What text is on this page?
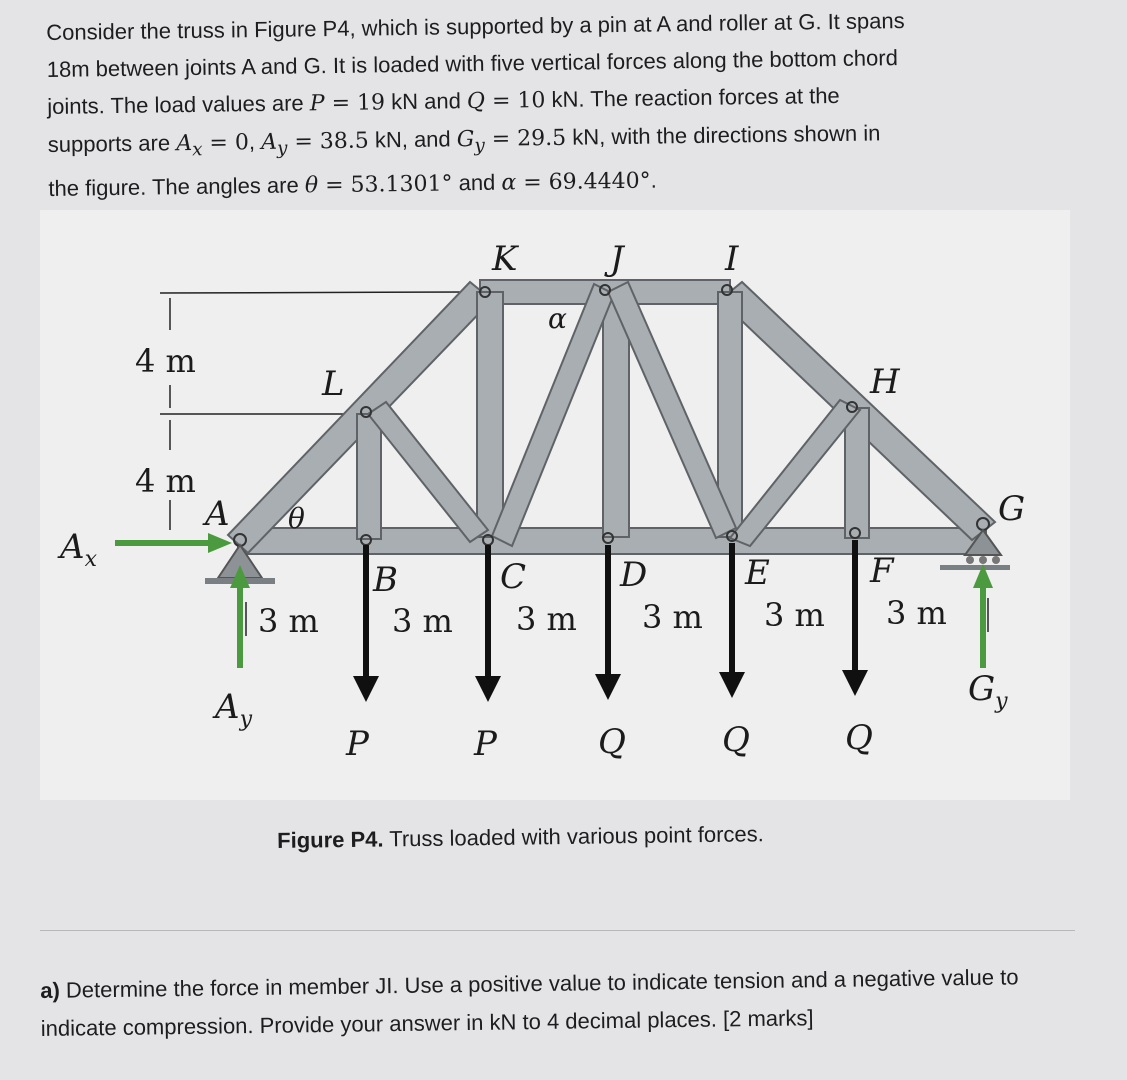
Consider the truss in Figure P4, which is supported by a pin at A and roller at G. It spans
18m between joints A and G. It is loaded with five vertical forces along the bottom chord
joints. The load values are P = 19 kN and Q = 10 kN. The reaction forces at the
supports are $A_x = 0$, $A_y = 38.5$ kN, and $G_y = 29.5$ kN, with the directions shown in
the figure. The angles are θ = 53.1301° and α = 69.4440°.
K	J	I
L	H
A
B	C	D	E	F
G
θ
α
4 m
4 m
3 m 3 m 3 m 3 m 3 m 3 m
$A_x$
$A_y$
$G_y$
P	P	Q	Q	Q
Figure P4. Truss loaded with various point forces.
a) Determine the force in member JI. Use a positive value to indicate tension and a negative value to indicate compression. Provide your answer in kN to 4 decimal places. [2 marks]
